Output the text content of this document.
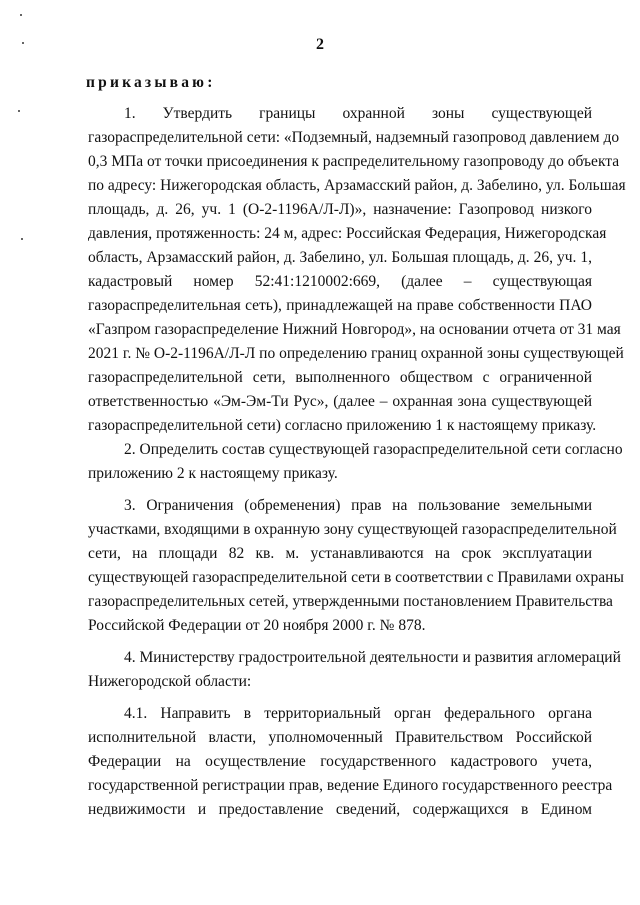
2
приказываю:
1. Утвердить границы охранной зоны существующей
газораспределительной сети: «Подземный, надземный газопровод давлением до
0,3 МПа от точки присоединения к распределительному газопроводу до объекта
по адресу: Нижегородская область, Арзамасский район, д. Забелино, ул. Большая
площадь, д. 26, уч. 1 (О-2-1196А/Л-Л)», назначение: Газопровод низкого
давления, протяженность: 24 м, адрес: Российская Федерация, Нижегородская
область, Арзамасский район, д. Забелино, ул. Большая площадь, д. 26, уч. 1,
кадастровый номер 52:41:1210002:669, (далее – существующая
газораспределительная сеть), принадлежащей на праве собственности ПАО
«Газпром газораспределение Нижний Новгород», на основании отчета от 31 мая
2021 г. № О-2-1196А/Л-Л по определению границ охранной зоны существующей
газораспределительной сети, выполненного обществом с ограниченной
ответственностью «Эм-Эм-Ти Рус», (далее – охранная зона существующей
газораспределительной сети) согласно приложению 1 к настоящему приказу.
2. Определить состав существующей газораспределительной сети согласно
приложению 2 к настоящему приказу.
3. Ограничения (обременения) прав на пользование земельными
участками, входящими в охранную зону существующей газораспределительной
сети, на площади 82 кв. м. устанавливаются на срок эксплуатации
существующей газораспределительной сети в соответствии с Правилами охраны
газораспределительных сетей, утвержденными постановлением Правительства
Российской Федерации от 20 ноября 2000 г. № 878.
4. Министерству градостроительной деятельности и развития агломераций
Нижегородской области:
4.1. Направить в территориальный орган федерального органа
исполнительной власти, уполномоченный Правительством Российской
Федерации на осуществление государственного кадастрового учета,
государственной регистрации прав, ведение Единого государственного реестра
недвижимости и предоставление сведений, содержащихся в Едином
